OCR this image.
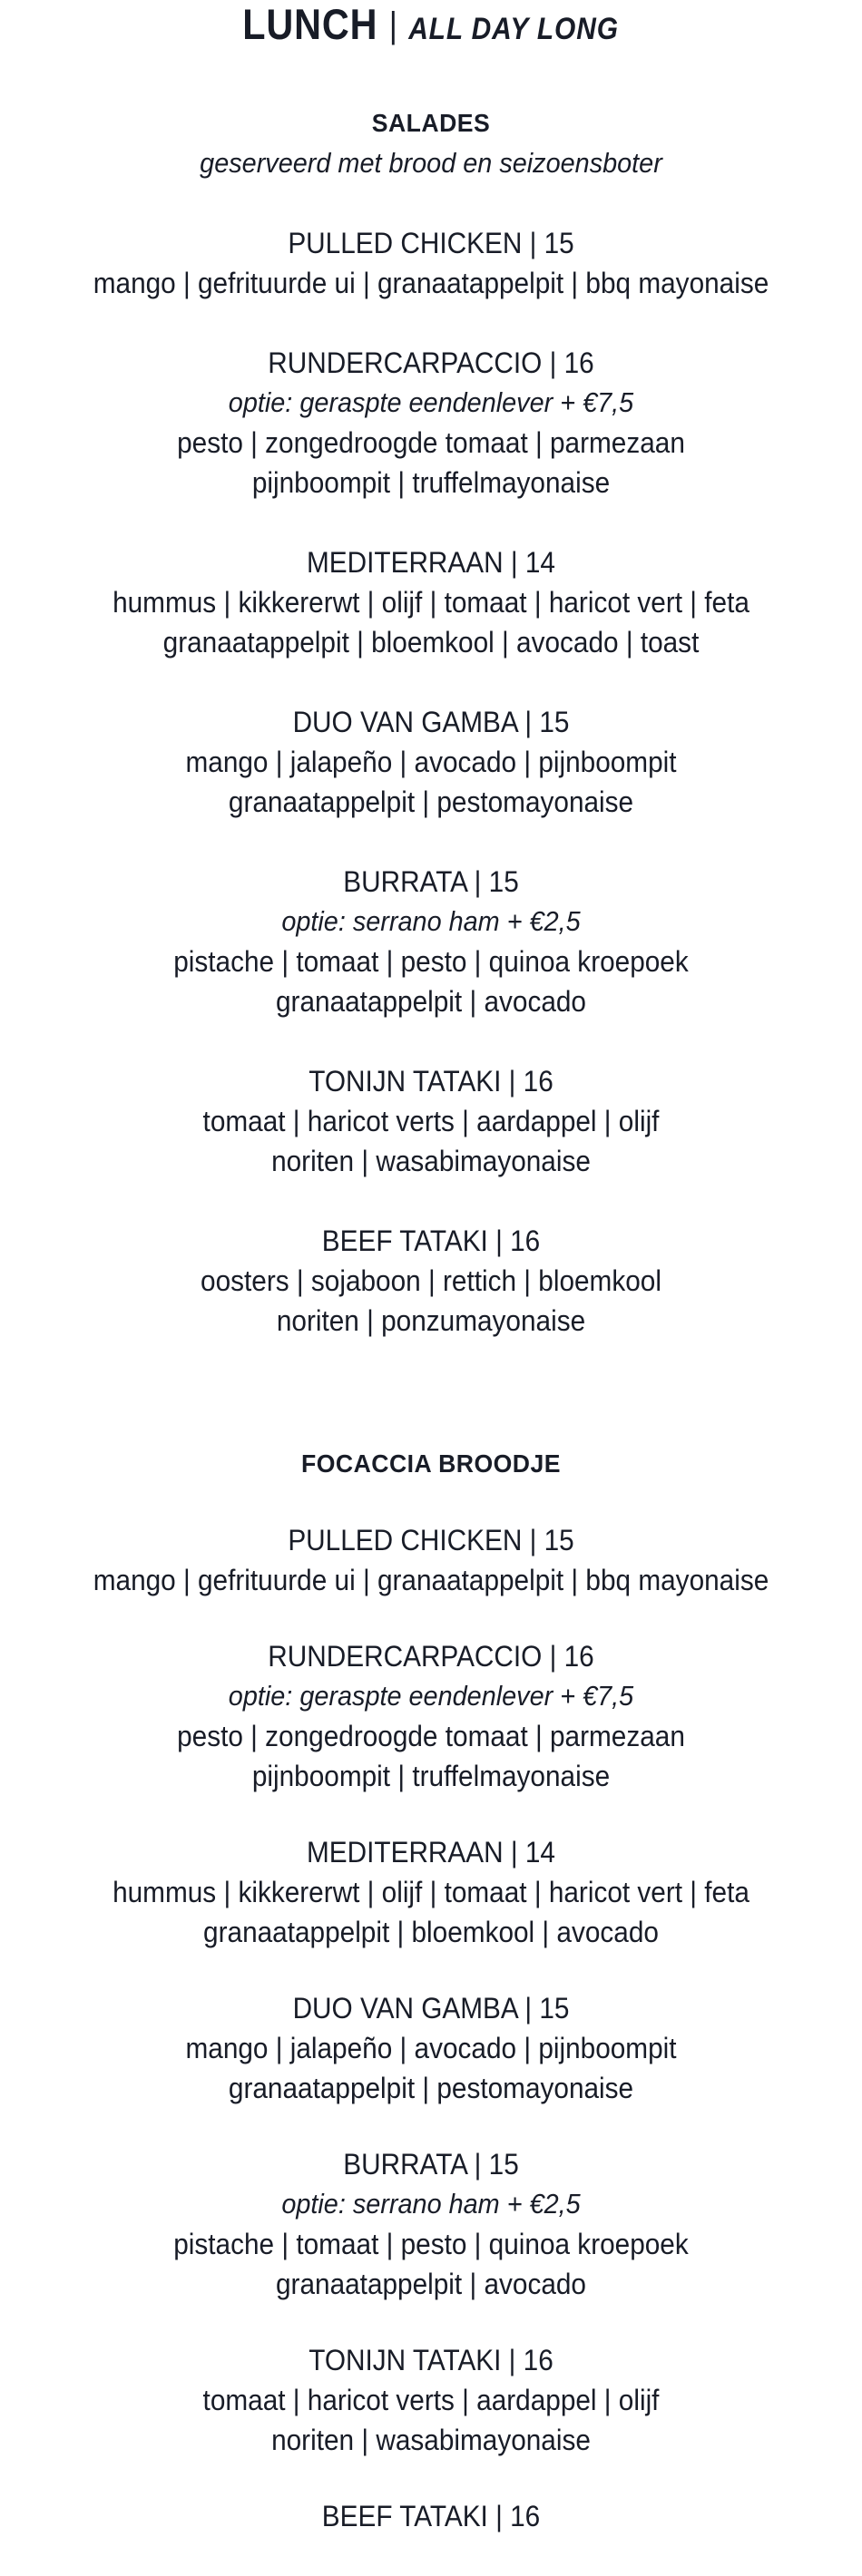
LUNCH | ALL DAY LONG
SALADES
geserveerd met brood en seizoensboter
PULLED CHICKEN | 15
mango | gefrituurde ui | granaatappelpit | bbq mayonaise
RUNDERCARPACCIO | 16
optie: geraspte eendenlever + €7,5
pesto | zongedroogde tomaat | parmezaan
pijnboompit | truffelmayonaise
MEDITERRAAN | 14
hummus | kikkererwt | olijf | tomaat | haricot vert | feta
granaatappelpit | bloemkool | avocado | toast
DUO VAN GAMBA | 15
mango | jalapeño | avocado | pijnboompit
granaatappelpit | pestomayonaise
BURRATA | 15
optie: serrano ham + €2,5
pistache | tomaat | pesto | quinoa kroepoek
granaatappelpit | avocado
TONIJN TATAKI | 16
tomaat | haricot verts | aardappel | olijf
noriten | wasabimayonaise
BEEF TATAKI | 16
oosters | sojaboon | rettich | bloemkool
noriten | ponzumayonaise
FOCACCIA BROODJE
PULLED CHICKEN | 15
mango | gefrituurde ui | granaatappelpit | bbq mayonaise
RUNDERCARPACCIO | 16
optie: geraspte eendenlever + €7,5
pesto | zongedroogde tomaat | parmezaan
pijnboompit | truffelmayonaise
MEDITERRAAN | 14
hummus | kikkererwt | olijf | tomaat | haricot vert | feta
granaatappelpit | bloemkool | avocado
DUO VAN GAMBA | 15
mango | jalapeño | avocado | pijnboompit
granaatappelpit | pestomayonaise
BURRATA | 15
optie: serrano ham + €2,5
pistache | tomaat | pesto | quinoa kroepoek
granaatappelpit | avocado
TONIJN TATAKI | 16
tomaat | haricot verts | aardappel | olijf
noriten | wasabimayonaise
BEEF TATAKI | 16
